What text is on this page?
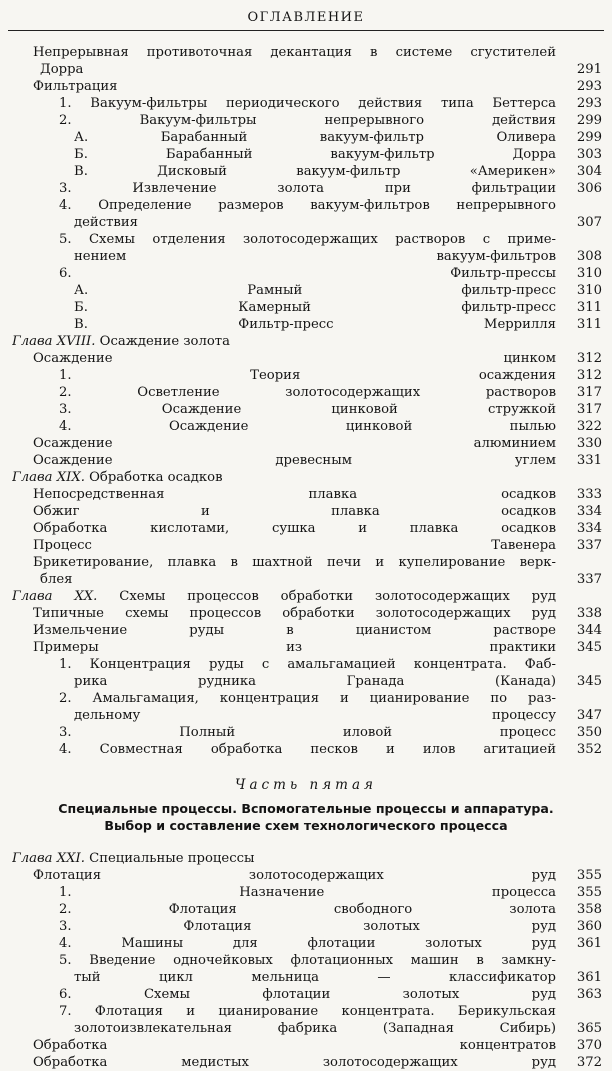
ОГЛАВЛЕНИЕ
Непрерывная противоточная декантация в системе сгустителей
Дорра	291
Фильтрация	293
1. Вакуум-фильтры периодического действия типа Беттерса	293
2. Вакуум-фильтры непрерывного действия	299
А. Барабанный вакуум-фильтр Оливера	299
Б. Барабанный вакуум-фильтр Дорра	303
В. Дисковый вакуум-фильтр «Америкен»	304
3. Извлечение золота при фильтрации	306
4. Определение размеров вакуум-фильтров непрерывного
действия	307
5. Схемы отделения золотосодержащих растворов с приме-
нением вакуум-фильтров	308
6. Фильтр-прессы	310
А. Рамный фильтр-пресс	310
Б. Камерный фильтр-пресс	311
В. Фильтр-пресс Меррилля	311
Глава XVIII. Осаждение золота
Осаждение цинком	312
1. Теория осаждения	312
2. Осветление золотосодержащих растворов	317
3. Осаждение цинковой стружкой	317
4. Осаждение цинковой пылью	322
Осаждение алюминием	330
Осаждение древесным углем	331
Глава XIX. Обработка осадков
Непосредственная плавка осадков	333
Обжиг и плавка осадков	334
Обработка кислотами, сушка и плавка осадков	334
Процесс Тавенера	337
Брикетирование, плавка в шахтной печи и купелирование верк-
блея	337
Глава XX. Схемы процессов обработки золотосодержащих руд
Типичные схемы процессов обработки золотосодержащих руд	338
Измельчение руды в цианистом растворе	344
Примеры из практики	345
1. Концентрация руды с амальгамацией концентрата. Фаб-
рика рудника Гранада (Канада)	345
2. Амальгамация, концентрация и цианирование по раз-
дельному процессу	347
3. Полный иловой процесс	350
4. Совместная обработка песков и илов агитацией	352
Часть пятая
Специальные процессы. Вспомогательные процессы и аппаратура.
Выбор и составление схем технологического процесса
Глава XXI. Специальные процессы
Флотация золотосодержащих руд	355
1. Назначение процесса	355
2. Флотация свободного золота	358
3. Флотация золотых руд	360
4. Машины для флотации золотых руд	361
5. Введение одночейковых флотационных машин в замкну-
тый цикл мельница — классификатор	361
6. Схемы флотации золотых руд	363
7. Флотация и цианирование концентрата. Берикульская
золотоизвлекательная фабрика (Западная Сибирь)	365
Обработка концентратов	370
Обработка медистых золотосодержащих руд	372
